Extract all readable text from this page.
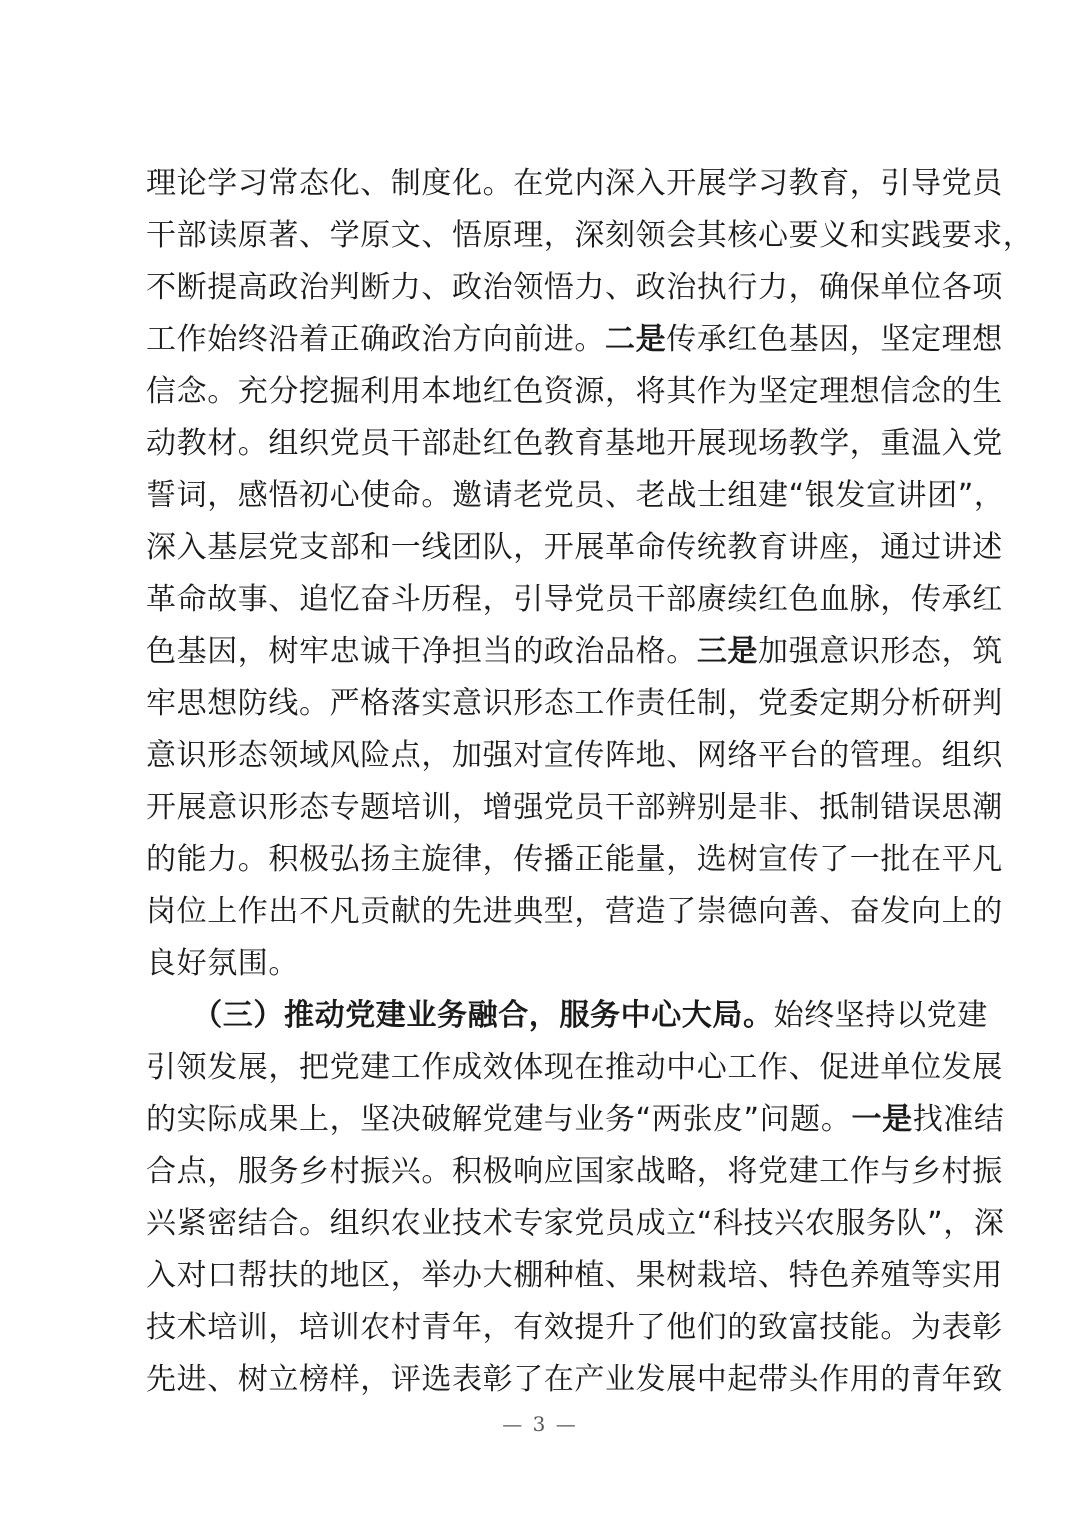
理论学习常态化、制度化。在党内深入开展学习教育，引导党员
干部读原著、学原文、悟原理，深刻领会其核心要义和实践要求，
不断提高政治判断力、政治领悟力、政治执行力，确保单位各项
工作始终沿着正确政治方向前进。二是传承红色基因，坚定理想
信念。充分挖掘利用本地红色资源，将其作为坚定理想信念的生
动教材。组织党员干部赴红色教育基地开展现场教学，重温入党
誓词，感悟初心使命。邀请老党员、老战士组建“银发宣讲团”，
深入基层党支部和一线团队，开展革命传统教育讲座，通过讲述
革命故事、追忆奋斗历程，引导党员干部赓续红色血脉，传承红
色基因，树牢忠诚干净担当的政治品格。三是加强意识形态，筑
牢思想防线。严格落实意识形态工作责任制，党委定期分析研判
意识形态领域风险点，加强对宣传阵地、网络平台的管理。组织
开展意识形态专题培训，增强党员干部辨别是非、抵制错误思潮
的能力。积极弘扬主旋律，传播正能量，选树宣传了一批在平凡
岗位上作出不凡贡献的先进典型，营造了崇德向善、奋发向上的
良好氛围。
　　（三）推动党建业务融合，服务中心大局。始终坚持以党建
引领发展，把党建工作成效体现在推动中心工作、促进单位发展
的实际成果上，坚决破解党建与业务“两张皮”问题。一是找准结
合点，服务乡村振兴。积极响应国家战略，将党建工作与乡村振
兴紧密结合。组织农业技术专家党员成立“科技兴农服务队”，深
入对口帮扶的地区，举办大棚种植、果树栽培、特色养殖等实用
技术培训，培训农村青年，有效提升了他们的致富技能。为表彰
先进、树立榜样，评选表彰了在产业发展中起带头作用的青年致
— 3 —
